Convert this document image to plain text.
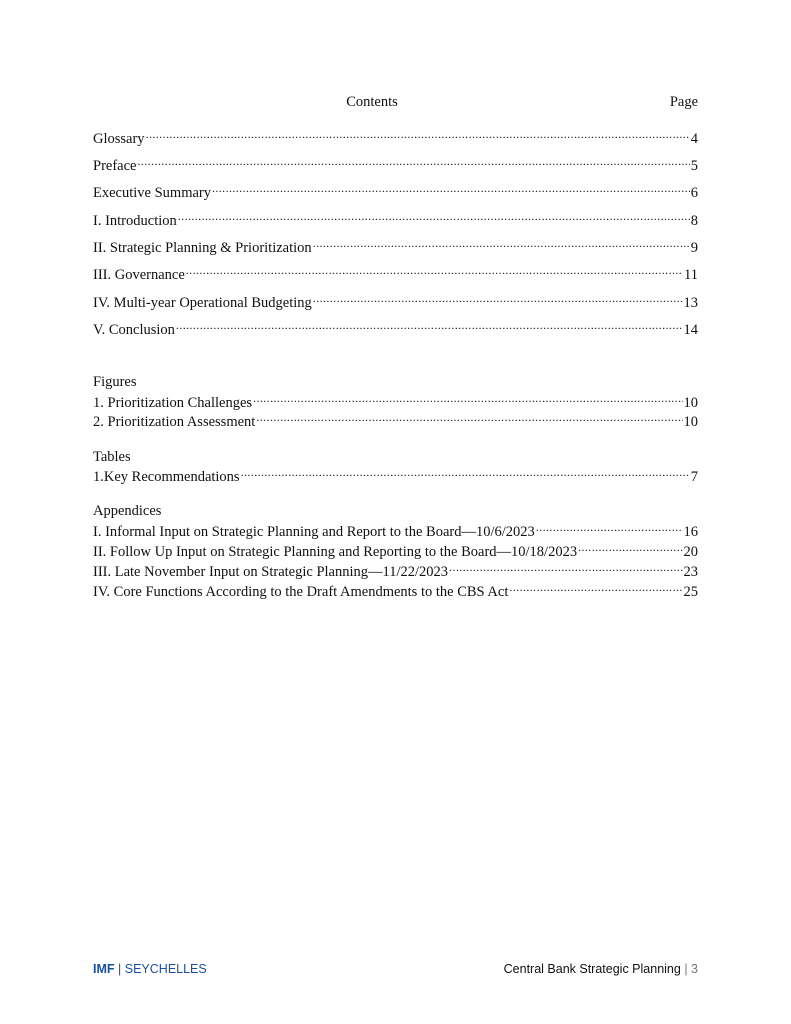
Contents	Page
Glossary . . .	4
Preface . . .	5
Executive Summary . . .	6
I. Introduction . . .	8
II. Strategic Planning & Prioritization . . .	9
III. Governance . . .	11
IV. Multi-year Operational Budgeting . . .	13
V. Conclusion . . .	14
Figures
1. Prioritization Challenges . . .	10
2. Prioritization Assessment . . .	10
Tables
1.Key Recommendations . . .	7
Appendices
I. Informal Input on Strategic Planning and Report to the Board—10/6/2023 . . .	16
II. Follow Up Input on Strategic Planning and Reporting to the Board—10/18/2023 . . .	20
III. Late November Input on Strategic Planning—11/22/2023 . . .	23
IV. Core Functions According to the Draft Amendments to the CBS Act . . .	25
IMF | SEYCHELLES	Central Bank Strategic Planning | 3
